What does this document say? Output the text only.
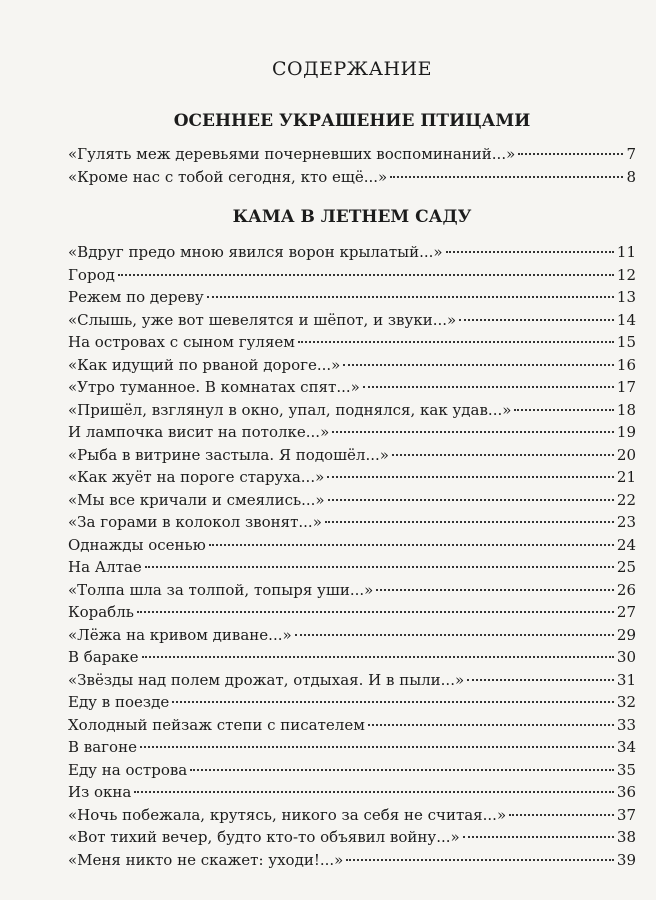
СОДЕРЖАНИЕ
ОСЕННЕЕ УКРАШЕНИЕ ПТИЦАМИ
«Гулять меж деревьями почерневших воспоминаний...»	7
«Кроме нас с тобой сегодня, кто ещё...»	8
КАМА В ЛЕТНЕМ САДУ
«Вдруг предо мною явился ворон крылатый...»	11
Город	12
Режем по дереву	13
«Слышь, уже вот шевелятся и шёпот, и звуки...»	14
На островах с сыном гуляем	15
«Как идущий по рваной дороге...»	16
«Утро туманное. В комнатах спят...»	17
«Пришёл, взглянул в окно, упал, поднялся, как удав...»	18
И лампочка висит на потолке...»	19
«Рыба в витрине застыла. Я подошёл...»	20
«Как жуёт на пороге старуха...»	21
«Мы все кричали и смеялись...»	22
«За горами в колокол звонят...»	23
Однажды осенью	24
На Алтае	25
«Толпа шла за толпой, топыря уши...»	26
Корабль	27
«Лёжа на кривом диване...»	29
В бараке	30
«Звёзды над полем дрожат, отдыхая. И в пыли...»	31
Еду в поезде	32
Холодный пейзаж степи с писателем	33
В вагоне	34
Еду на острова	35
Из окна	36
«Ночь побежала, крутясь, никого за себя не считая...»	37
«Вот тихий вечер, будто кто-то объявил войну...»	38
«Меня никто не скажет: уходи!...»	39
